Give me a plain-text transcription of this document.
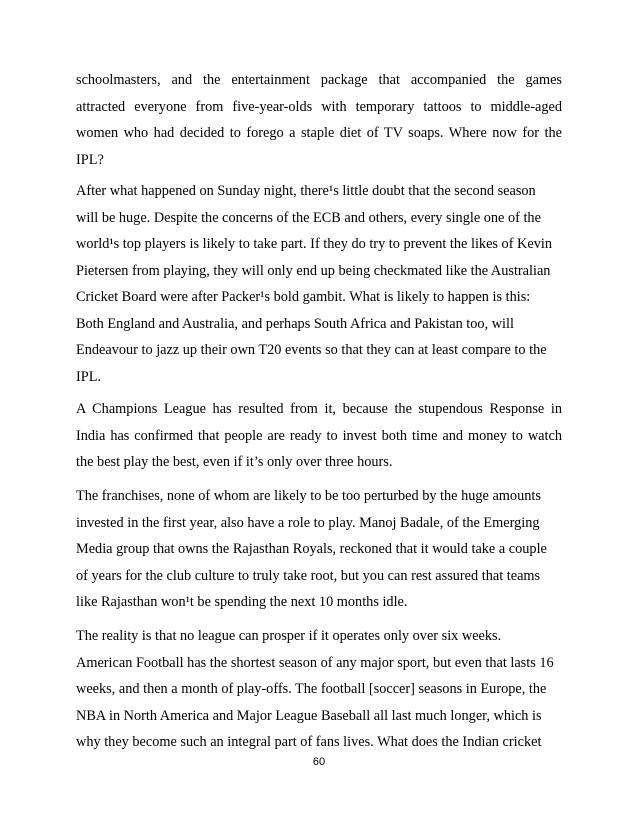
schoolmasters, and the entertainment package that accompanied the games
attracted everyone from five-year-olds with temporary tattoos to middle-aged
women who had decided to forego a staple diet of TV soaps. Where now for the
IPL?

After what happened on Sunday night, there¹s little doubt that the second season
will be huge. Despite the concerns of the ECB and others, every single one of the
world¹s top players is likely to take part. If they do try to prevent the likes of Kevin
Pietersen from playing, they will only end up being checkmated like the Australian
Cricket Board were after Packer¹s bold gambit. What is likely to happen is this:
Both England and Australia, and perhaps South Africa and Pakistan too, will
Endeavour to jazz up their own T20 events so that they can at least compare to the
IPL.

A Champions League has resulted from it, because the stupendous Response in
India has confirmed that people are ready to invest both time and money to watch
the best play the best, even if it’s only over three hours.

The franchises, none of whom are likely to be too perturbed by the huge amounts
invested in the first year, also have a role to play. Manoj Badale, of the Emerging
Media group that owns the Rajasthan Royals, reckoned that it would take a couple
of years for the club culture to truly take root, but you can rest assured that teams
like Rajasthan won¹t be spending the next 10 months idle.

The reality is that no league can prosper if it operates only over six weeks.
American Football has the shortest season of any major sport, but even that lasts 16
weeks, and then a month of play-offs. The football [soccer] seasons in Europe, the
NBA in North America and Major League Baseball all last much longer, which is
why they become such an integral part of fans lives. What does the Indian cricket

60
